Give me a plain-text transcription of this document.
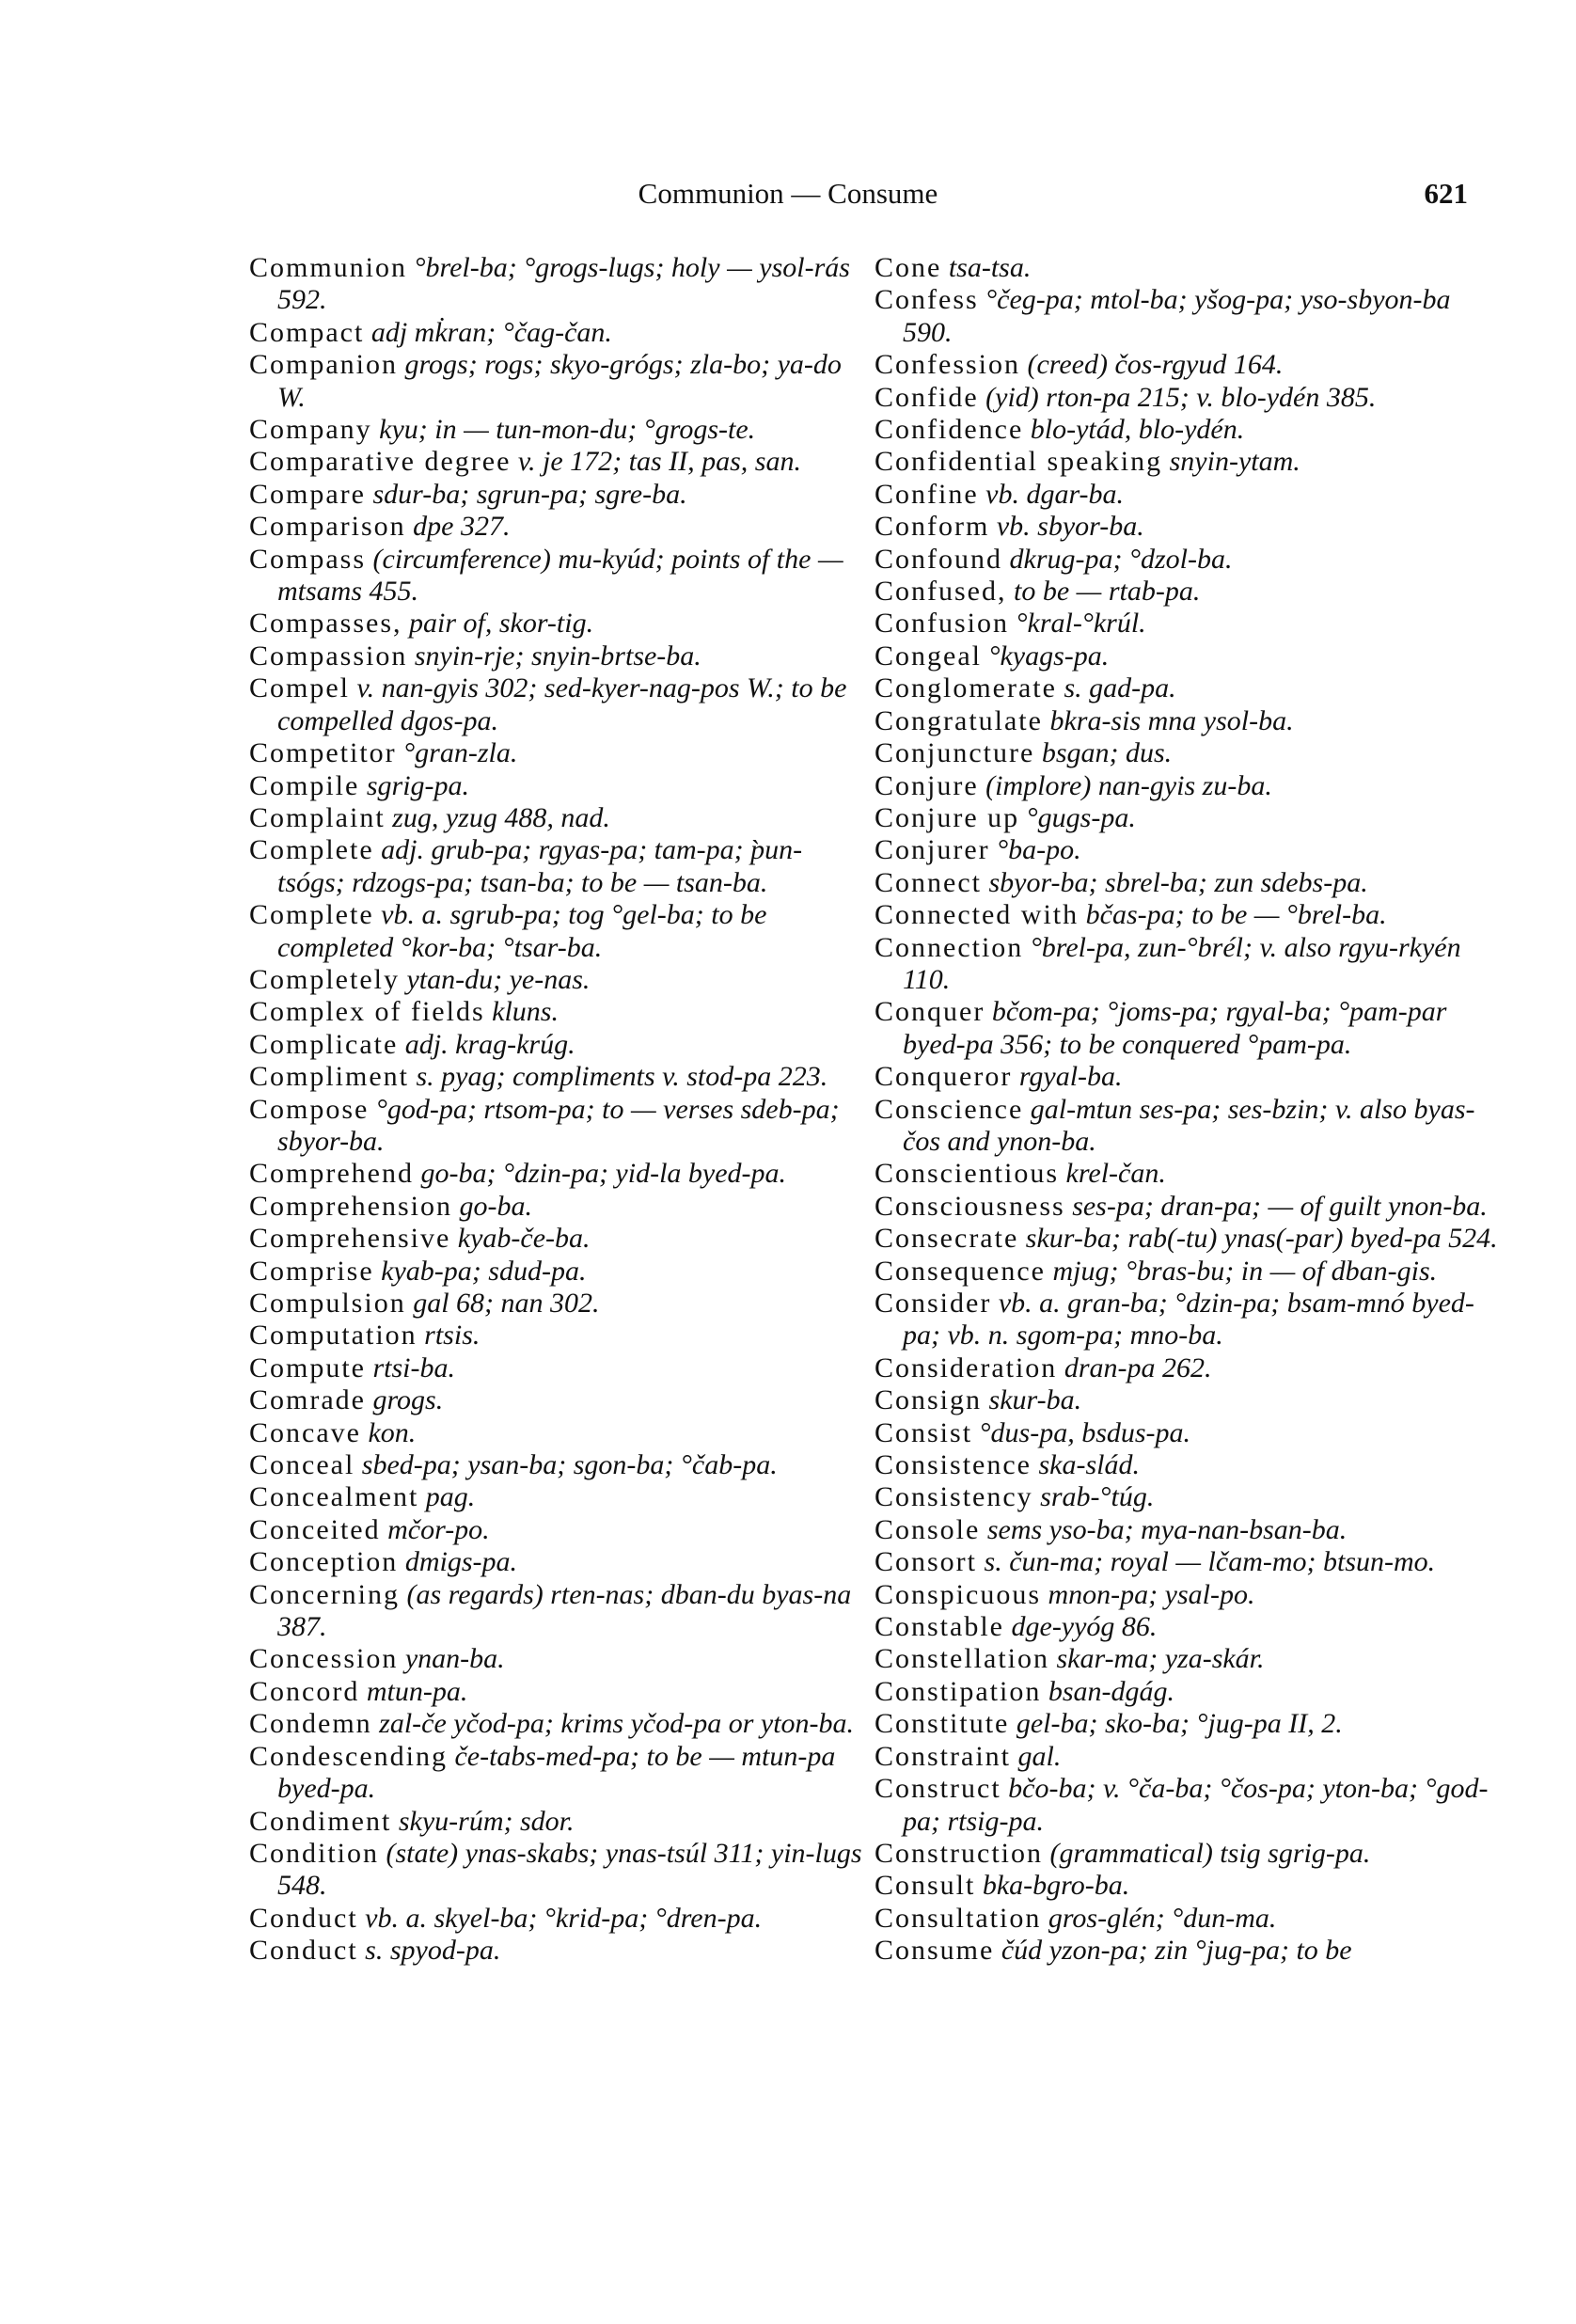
Communion — Consume	621

Communion °brel-ba; °grogs-lugs; holy — ysol-rás 592.

Compact adj mk̇ran; °čag-čan.

Companion grogs; rogs; skyo-grógs; zla-bo; ya-do W.

Company kyu; in — tun-mon-du; °grogs-te.

Comparative degree v. je 172; tas II, pas, san.

Compare sdur-ba; sgrun-pa; sgre-ba.

Comparison dpe 327.

Compass (circumference) mu-kyúd; points of the — mtsams 455.

Compasses, pair of, skor-tig.

Compassion snyin-rje; snyin-brtse-ba.

Compel v. nan-gyis 302; sed-kyer-nag-pos W.; to be compelled dgos-pa.

Competitor °gran-zla.

Compile sgrig-pa.

Complaint zug, yzug 488, nad.

Complete adj. grub-pa; rgyas-pa; tam-pa; p̀un-tsógs; rdzogs-pa; tsan-ba; to be — tsan-ba.

Complete vb. a. sgrub-pa; tog °gel-ba; to be completed °kor-ba; °tsar-ba.

Completely ytan-du; ye-nas.

Complex of fields kluns.

Complicate adj. krag-krúg.

Compliment s. pyag; compliments v. stod-pa 223.

Compose °god-pa; rtsom-pa; to — verses sdeb-pa; sbyor-ba.

Comprehend go-ba; °dzin-pa; yid-la byed-pa.

Comprehension go-ba.

Comprehensive kyab-če-ba.

Comprise kyab-pa; sdud-pa.

Compulsion gal 68; nan 302.

Computation rtsis.

Compute rtsi-ba.

Comrade grogs.

Concave kon.

Conceal sbed-pa; ysan-ba; sgon-ba; °čab-pa.

Concealment pag.

Conceited mčor-po.

Conception dmigs-pa.

Concerning (as regards) rten-nas; dban-du byas-na 387.

Concession ynan-ba.

Concord mtun-pa.

Condemn zal-če yčod-pa; krims yčod-pa or yton-ba.

Condescending če-tabs-med-pa; to be — mtun-pa byed-pa.

Condiment skyu-rúm; sdor.

Condition (state) ynas-skabs; ynas-tsúl 311; yin-lugs 548.

Conduct vb. a. skyel-ba; °krid-pa; °dren-pa.

Conduct s. spyod-pa.

Cone tsa-tsa.

Confess °čeg-pa; mtol-ba; yšog-pa; yso-sbyon-ba 590.

Confession (creed) čos-rgyud 164.

Confide (yid) rton-pa 215; v. blo-ydén 385.

Confidence blo-ytád, blo-ydén.

Confidential speaking snyin-ytam.

Confine vb. dgar-ba.

Conform vb. sbyor-ba.

Confound dkrug-pa; °dzol-ba.

Confused, to be — rtab-pa.

Confusion °kral-°krúl.

Congeal °kyags-pa.

Conglomerate s. gad-pa.

Congratulate bkra-sis mna ysol-ba.

Conjuncture bsgan; dus.

Conjure (implore) nan-gyis zu-ba.

Conjure up °gugs-pa.

Conjurer °ba-po.

Connect sbyor-ba; sbrel-ba; zun sdebs-pa.

Connected with bčas-pa; to be — °brel-ba.

Connection °brel-pa, zun-°brél; v. also rgyu-rkyén 110.

Conquer bčom-pa; °joms-pa; rgyal-ba; °pam-par byed-pa 356; to be conquered °pam-pa.

Conqueror rgyal-ba.

Conscience gal-mtun ses-pa; ses-bzin; v. also byas-čos and ynon-ba.

Conscientious krel-čan.

Consciousness ses-pa; dran-pa; — of guilt ynon-ba.

Consecrate skur-ba; rab(-tu) ynas(-par) byed-pa 524.

Consequence mjug; °bras-bu; in — of dban-gis.

Consider vb. a. gran-ba; °dzin-pa; bsam-mnó byed-pa; vb. n. sgom-pa; mno-ba.

Consideration dran-pa 262.

Consign skur-ba.

Consist °dus-pa, bsdus-pa.

Consistence ska-slád.

Consistency srab-°túg.

Console sems yso-ba; mya-nan-bsan-ba.

Consort s. čun-ma; royal — lčam-mo; btsun-mo.

Conspicuous mnon-pa; ysal-po.

Constable dge-yyóg 86.

Constellation skar-ma; yza-skár.

Constipation bsan-dgág.

Constitute gel-ba; sko-ba; °jug-pa II, 2.

Constraint gal.

Construct bčo-ba; v. °ča-ba; °čos-pa; yton-ba; °god-pa; rtsig-pa.

Construction (grammatical) tsig sgrig-pa.

Consult bka-bgro-ba.

Consultation gros-glén; °dun-ma.

Consume čúd yzon-pa; zin °jug-pa; to be
